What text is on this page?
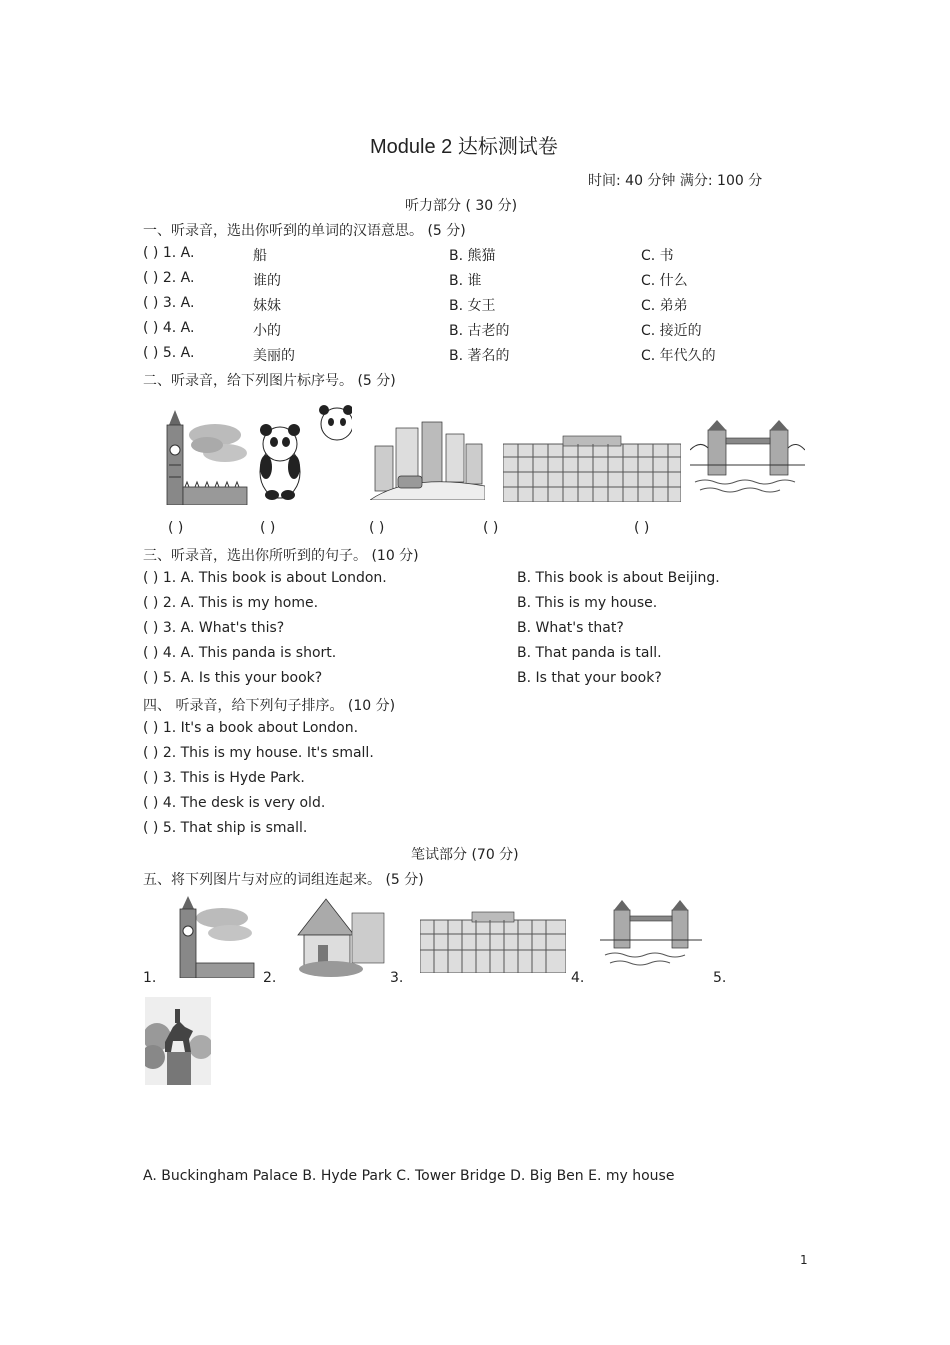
Module 2 达标测试卷
时间: 40 分钟 满分: 100 分
听力部分 ( 30 分)
一、听录音，选出你听到的单词的汉语意思。 (5 分)
( ) 1. A.	船	B. 熊猫	C. 书
( ) 2. A.	谁的	B. 谁	C. 什么
( ) 3. A.	妹妹	B. 女王	C. 弟弟
( ) 4. A.	小的	B. 古老的	C. 接近的
( ) 5. A.	美丽的	B. 著名的	C. 年代久的
二、听录音，给下列图片标序号。 (5 分)
( )	( )	( )	( )	( )
三、听录音，选出你所听到的句子。 (10 分)
( ) 1. A. This book is about London.	B. This book is about Beijing.
( ) 2. A. This is my home.	B. This is my house.
( ) 3. A. What's this?	B. What's that?
( ) 4. A. This panda is short.	B. That panda is tall.
( ) 5. A. Is this your book?	B. Is that your book?
四、 听录音，给下列句子排序。 (10 分)
( ) 1. It's a book about London.
( ) 2. This is my house. It's small.
( ) 3. This is Hyde Park.
( ) 4. The desk is very old.
( ) 5. That ship is small.
笔试部分 (70 分)
五、将下列图片与对应的词组连起来。 (5 分)
1.	2.	3.	4.	5.
A. Buckingham Palace B. Hyde Park C. Tower Bridge D. Big Ben E. my house
1
